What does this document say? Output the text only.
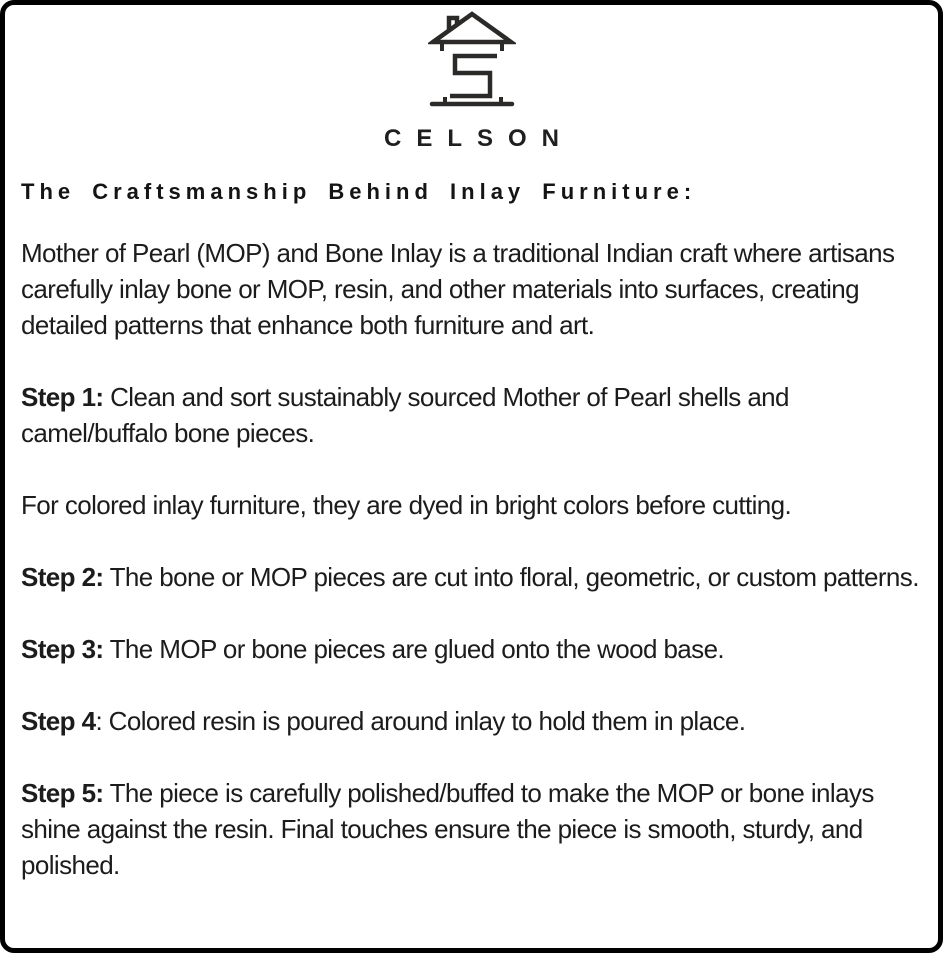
CELSON
The Craftsmanship Behind Inlay Furniture:

Mother of Pearl (MOP) and Bone Inlay is a traditional Indian craft where artisans carefully inlay bone or MOP, resin, and other materials into surfaces, creating detailed patterns that enhance both furniture and art.

Step 1: Clean and sort sustainably sourced Mother of Pearl shells and camel/buffalo bone pieces.

For colored inlay furniture, they are dyed in bright colors before cutting.

Step 2: The bone or MOP pieces are cut into floral, geometric, or custom patterns.

Step 3: The MOP or bone pieces are glued onto the wood base.

Step 4: Colored resin is poured around inlay to hold them in place.

Step 5: The piece is carefully polished/buffed to make the MOP or bone inlays shine against the resin. Final touches ensure the piece is smooth, sturdy, and polished.
